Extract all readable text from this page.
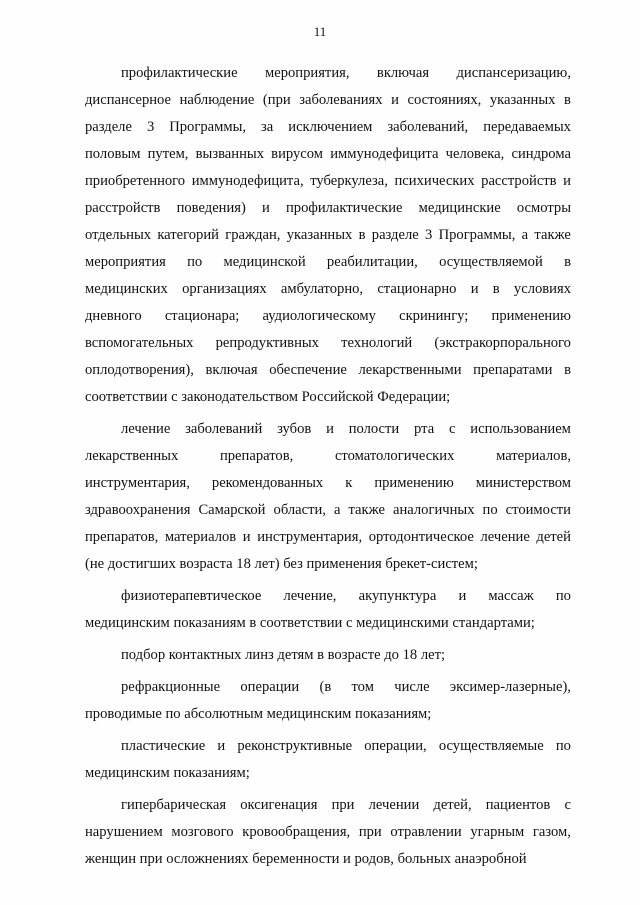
11
профилактические мероприятия, включая диспансеризацию,
диспансерное наблюдение (при заболеваниях и состояниях, указанных в
разделе 3 Программы, за исключением заболеваний, передаваемых
половым путем, вызванных вирусом иммунодефицита человека, синдрома
приобретенного иммунодефицита, туберкулеза, психических расстройств и
расстройств поведения) и профилактические медицинские осмотры
отдельных категорий граждан, указанных в разделе 3 Программы, а также
мероприятия по медицинской реабилитации, осуществляемой в
медицинских организациях амбулаторно, стационарно и в условиях
дневного стационара; аудиологическому скринингу; применению
вспомогательных репродуктивных технологий (экстракорпорального
оплодотворения), включая обеспечение лекарственными препаратами в
соответствии с законодательством Российской Федерации;
лечение заболеваний зубов и полости рта с использованием
лекарственных	препаратов,	стоматологических	материалов,
инструментария, рекомендованных к применению министерством
здравоохранения Самарской области, а также аналогичных по стоимости
препаратов, материалов и инструментария, ортодонтическое лечение детей
(не достигших возраста 18 лет) без применения брекет-систем;
физиотерапевтическое лечение, акупунктура и массаж по
медицинским показаниям в соответствии с медицинскими стандартами;
подбор контактных линз детям в возрасте до 18 лет;
рефракционные операции (в том числе эксимер-лазерные),
проводимые по абсолютным медицинским показаниям;
пластические и реконструктивные операции, осуществляемые по
медицинским показаниям;
гипербарическая оксигенация при лечении детей, пациентов с
нарушением мозгового кровообращения, при отравлении угарным газом,
женщин при осложнениях беременности и родов, больных анаэробной
